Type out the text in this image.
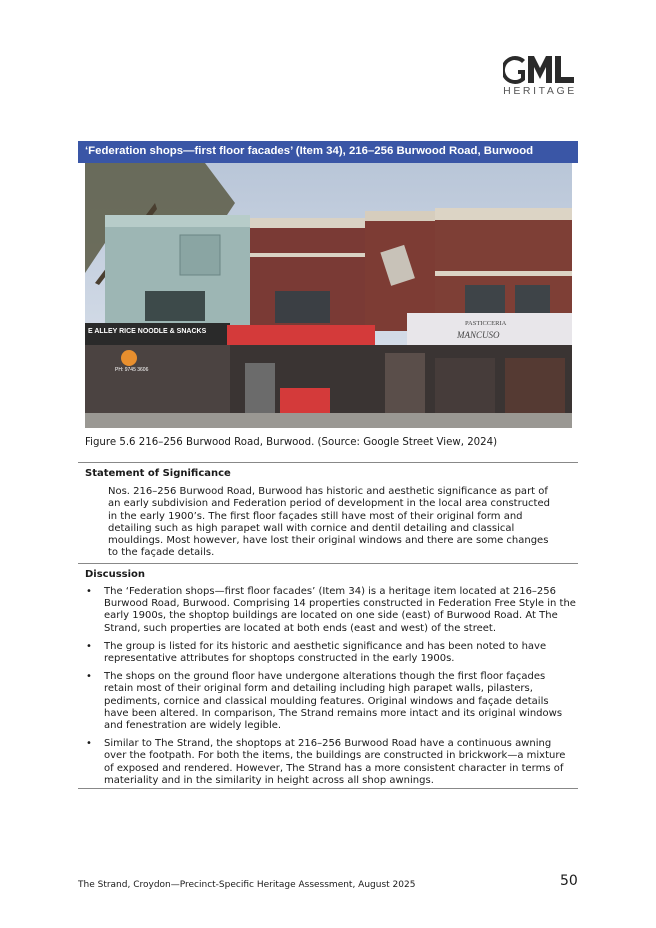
HERITAGE
‘Federation shops—first floor facades’ (Item 34), 216–256 Burwood Road, Burwood
E ALLEY RICE NOODLE & SNACKS
PASTICCERIA
MANCUSO
PH: 9745 3606
Figure 5.6 216–256 Burwood Road, Burwood. (Source: Google Street View, 2024)
Statement of Significance

Nos. 216–256 Burwood Road, Burwood has historic and aesthetic significance as part of an early subdivision and Federation period of development in the local area constructed in the early 1900’s. The first floor façades still have most of their original form and detailing such as high parapet wall with cornice and dentil detailing and classical mouldings. Most however, have lost their original windows and there are some changes to the façade details.

Discussion
• The ‘Federation shops—first floor facades’ (Item 34) is a heritage item located at 216–256 Burwood Road, Burwood. Comprising 14 properties constructed in Federation Free Style in the early 1900s, the shoptop buildings are located on one side (east) of Burwood Road. At The Strand, such properties are located at both ends (east and west) of the street.
• The group is listed for its historic and aesthetic significance and has been noted to have representative attributes for shoptops constructed in the early 1900s.
• The shops on the ground floor have undergone alterations though the first floor façades retain most of their original form and detailing including high parapet walls, pilasters, pediments, cornice and classical moulding features. Original windows and façade details have been altered. In comparison, The Strand remains more intact and its original windows and fenestration are widely legible.
• Similar to The Strand, the shoptops at 216–256 Burwood Road have a continuous awning over the footpath. For both the items, the buildings are constructed in brickwork—a mixture of exposed and rendered. However, The Strand has a more consistent character in terms of materiality and in the similarity in height across all shop awnings.
The Strand, Croydon—Precinct-Specific Heritage Assessment, August 2025	50
